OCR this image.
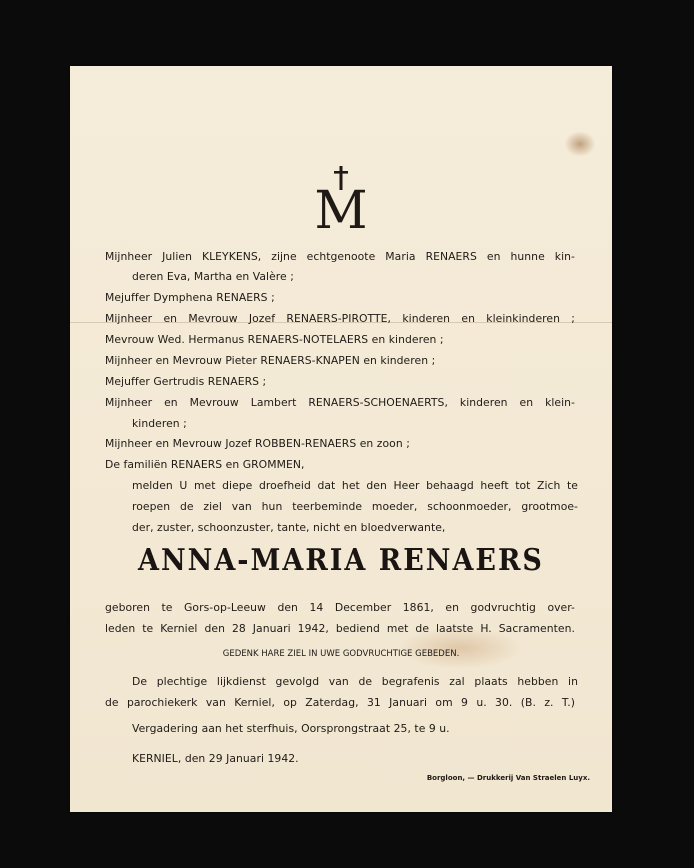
M
Mijnheer Julien KLEYKENS, zijne echtgenoote Maria RENAERS en hunne kin-
deren Eva, Martha en Valère ;
Mejuffer Dymphena RENAERS ;
Mijnheer en Mevrouw Jozef RENAERS-PIROTTE, kinderen en kleinkinderen ;
Mevrouw Wed. Hermanus RENAERS-NOTELAERS en kinderen ;
Mijnheer en Mevrouw Pieter RENAERS-KNAPEN en kinderen ;
Mejuffer Gertrudis RENAERS ;
Mijnheer en Mevrouw Lambert RENAERS-SCHOENAERTS, kinderen en klein-
kinderen ;
Mijnheer en Mevrouw Jozef ROBBEN-RENAERS en zoon ;
De familiën RENAERS en GROMMEN,
melden U met diepe droefheid dat het den Heer behaagd heeft tot Zich te
roepen de ziel van hun teerbeminde moeder, schoonmoeder, grootmoe-
der, zuster, schoonzuster, tante, nicht en bloedverwante,
ANNA-MARIA RENAERS
geboren te Gors-op-Leeuw den 14 December 1861, en godvruchtig over-
leden te Kerniel den 28 Januari 1942, bediend met de laatste H. Sacramenten.
GEDENK HARE ZIEL IN UWE GODVRUCHTIGE GEBEDEN.
De plechtige lijkdienst gevolgd van de begrafenis zal plaats hebben in
de parochiekerk van Kerniel, op Zaterdag, 31 Januari om 9 u. 30. (B. z. T.)
Vergadering aan het sterfhuis, Oorsprongstraat 25, te 9 u.
KERNIEL, den 29 Januari 1942.
Borgloon, — Drukkerij Van Straelen Luyx.
